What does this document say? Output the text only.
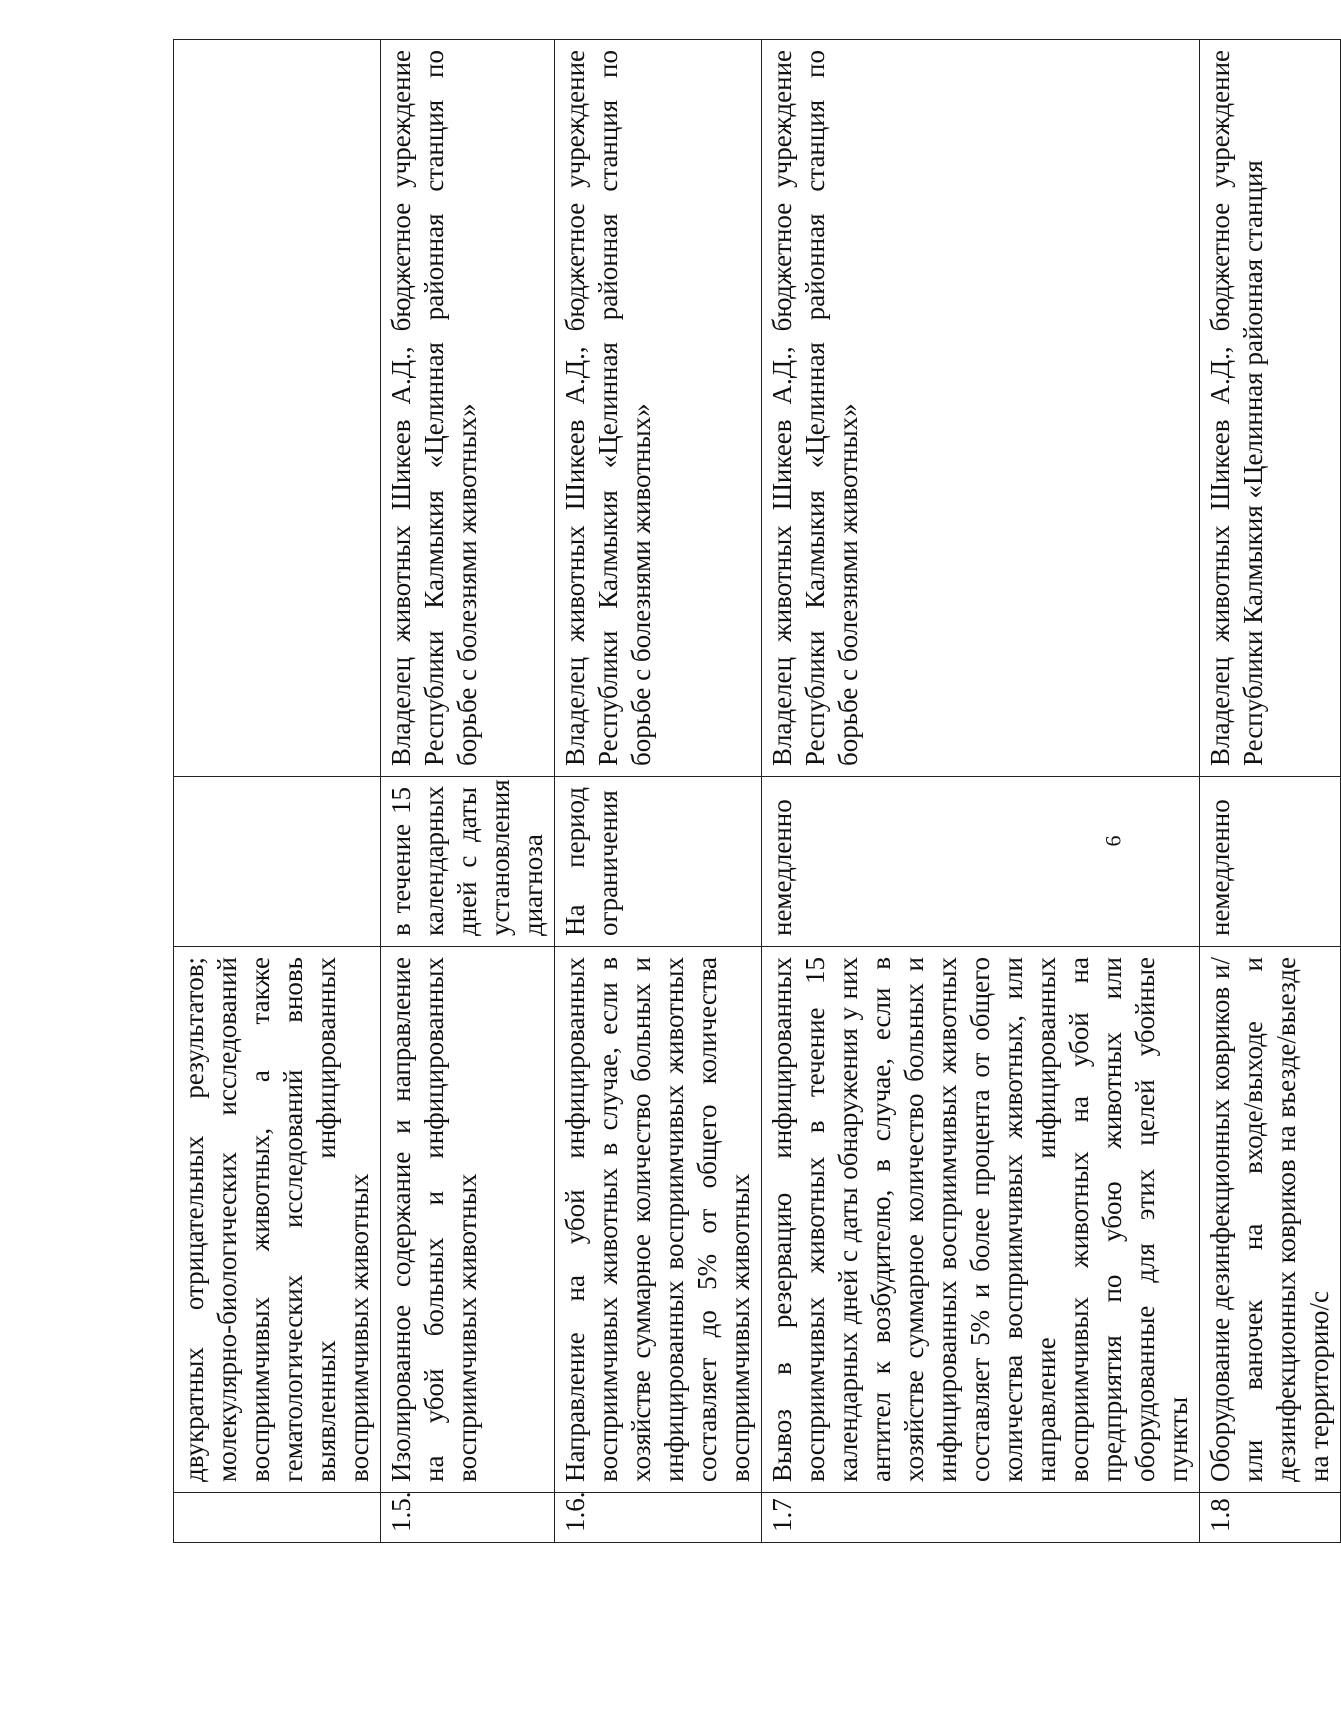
	двукратных отрицательных результатов; молекулярно-биологических исследований восприимчивых животных, а также гематологических исследований вновь выявленных инфицированных восприимчивых животных		
1.5.	Изолированное содержание и направление на убой больных и инфицированных восприимчивых животных	в течение 15 календарных дней с даты установления диагноза	Владелец животных Шикеев А.Д., бюджетное учреждение Республики Калмыкия «Целинная районная станция по борьбе с болезнями животных»
1.6.	Направление на убой инфицированных восприимчивых животных в случае, если в хозяйстве суммарное количество больных и инфицированных восприимчивых животных составляет до 5% от общего количества восприимчивых животных	На период ограничения	Владелец животных Шикеев А.Д., бюджетное учреждение Республики Калмыкия «Целинная районная станция по борьбе с болезнями животных»
1.7	Вывоз в резервацию инфицированных восприимчивых животных в течение 15 календарных дней с даты обнаружения у них антител к возбудителю, в случае, если в хозяйстве суммарное количество больных и инфицированных восприимчивых животных составляет 5% и более процента от общего количества восприимчивых животных, или направление инфицированных восприимчивых животных на убой на предприятия по убою животных или оборудованные для этих целей убойные пункты	немедленно	Владелец животных Шикеев А.Д., бюджетное учреждение Республики Калмыкия «Целинная районная станция по борьбе с болезнями животных»
1.8	Оборудование дезинфекционных ковриков и/или ваночек на входе/выходе и дезинфекционных ковриков на въезде/выезде на территорию/с	немедленно	Владелец животных Шикеев А.Д., бюджетное учреждение Республики Калмыкия «Целинная районная станция
6
